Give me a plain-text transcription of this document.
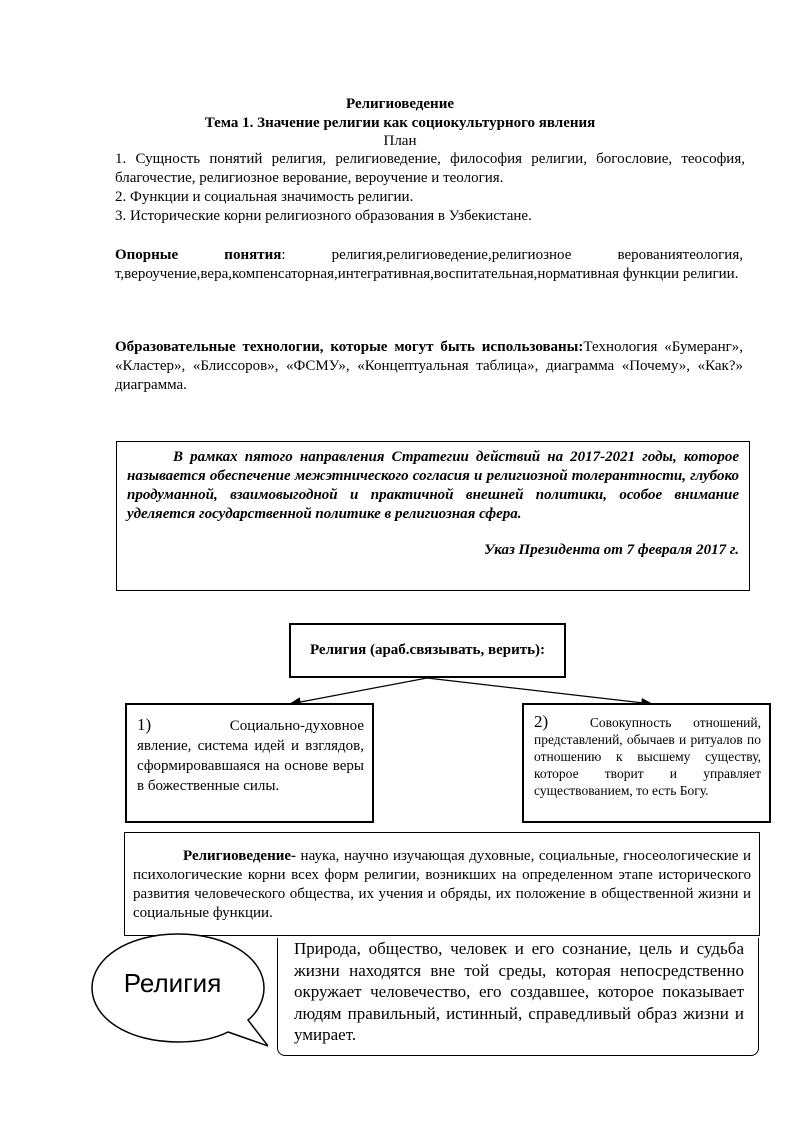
Религиоведение
Тема 1. Значение религии как социокультурного явления
План
1. Сущность понятий религия, религиоведение, философия религии, богословие, теософия, благочестие, религиозное верование, вероучение и теология.
2. Функции и социальная значимость религии.
3. Исторические корни религиозного образования в Узбекистане.
Опорные понятия: религия,религиоведение,религиозное верованиятеология, т,вероучение,вера,компенсаторная,интегративная,воспитательная,нормативная функции религии.
Образовательные технологии, которые могут быть использованы:Технология «Бумеранг», «Кластер», «Блиссоров», «ФСМУ», «Концептуальная таблица», диаграмма «Почему», «Как?» диаграмма.
В рамках пятого направления Стратегии действий на 2017-2021 годы, которое называется обеспечение межэтнического согласия и религиозной толерантности, глубоко продуманной, взаимовыгодной и практичной внешней политики, особое внимание уделяется государственной политике в религиозная сфера.
Указ Президента от 7 февраля 2017 г.
Религия (араб.связывать, верить):
1)	Социально-духовное явление, система идей и взглядов, сформировавшаяся на основе веры в божественные силы.
2)	Совокупность отношений, представлений, обычаев и ритуалов по отношению к высшему существу, которое творит и управляет существованием, то есть Богу.
Религиоведение- наука, научно изучающая духовные, социальные, гносеологические и психологические корни всех форм религии, возникших на определенном этапе исторического развития человеческого общества, их учения и обряды, их положение в общественной жизни и социальные функции.
Природа, общество, человек и его сознание, цель и судьба жизни находятся вне той среды, которая непосредственно окружает человечество, его создавшее, которое показывает людям правильный, истинный, справедливый образ жизни и умирает.
Религия
